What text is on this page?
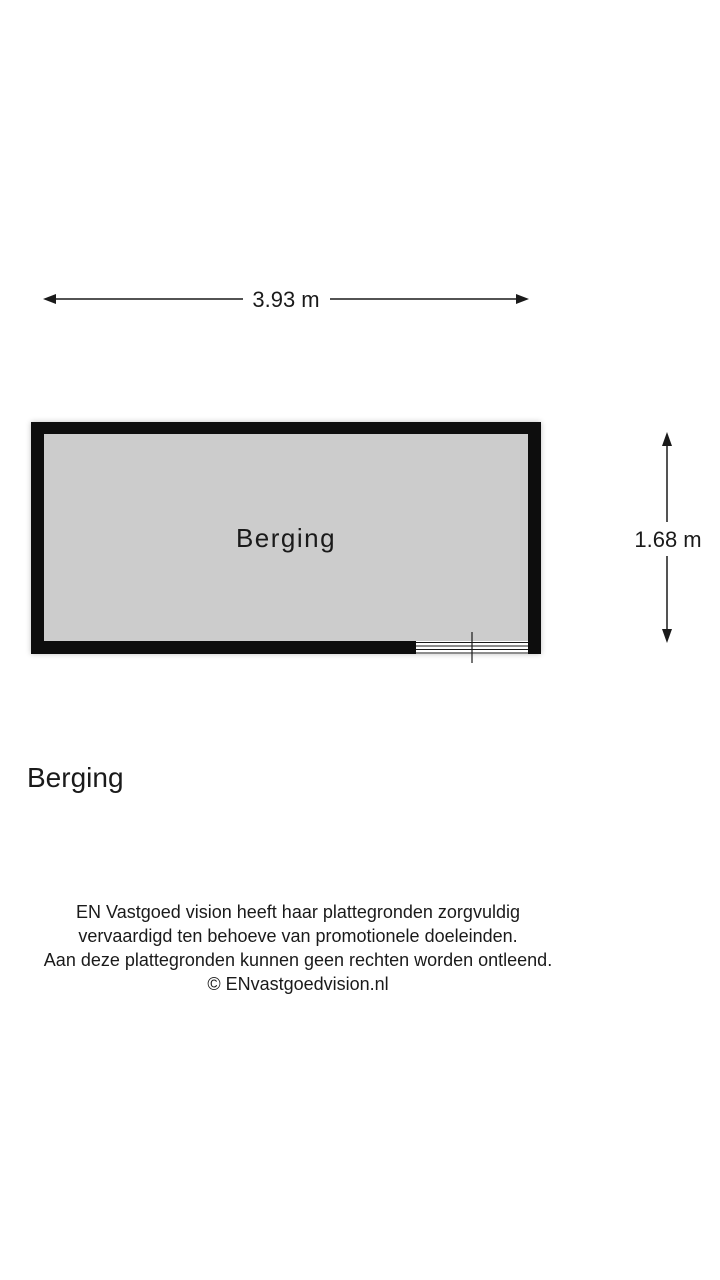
3.93 m
Berging	1.68 m
Berging
EN Vastgoed vision heeft haar plattegronden zorgvuldig
vervaardigd ten behoeve van promotionele doeleinden.
Aan deze plattegronden kunnen geen rechten worden ontleend.
© ENvastgoedvision.nl
